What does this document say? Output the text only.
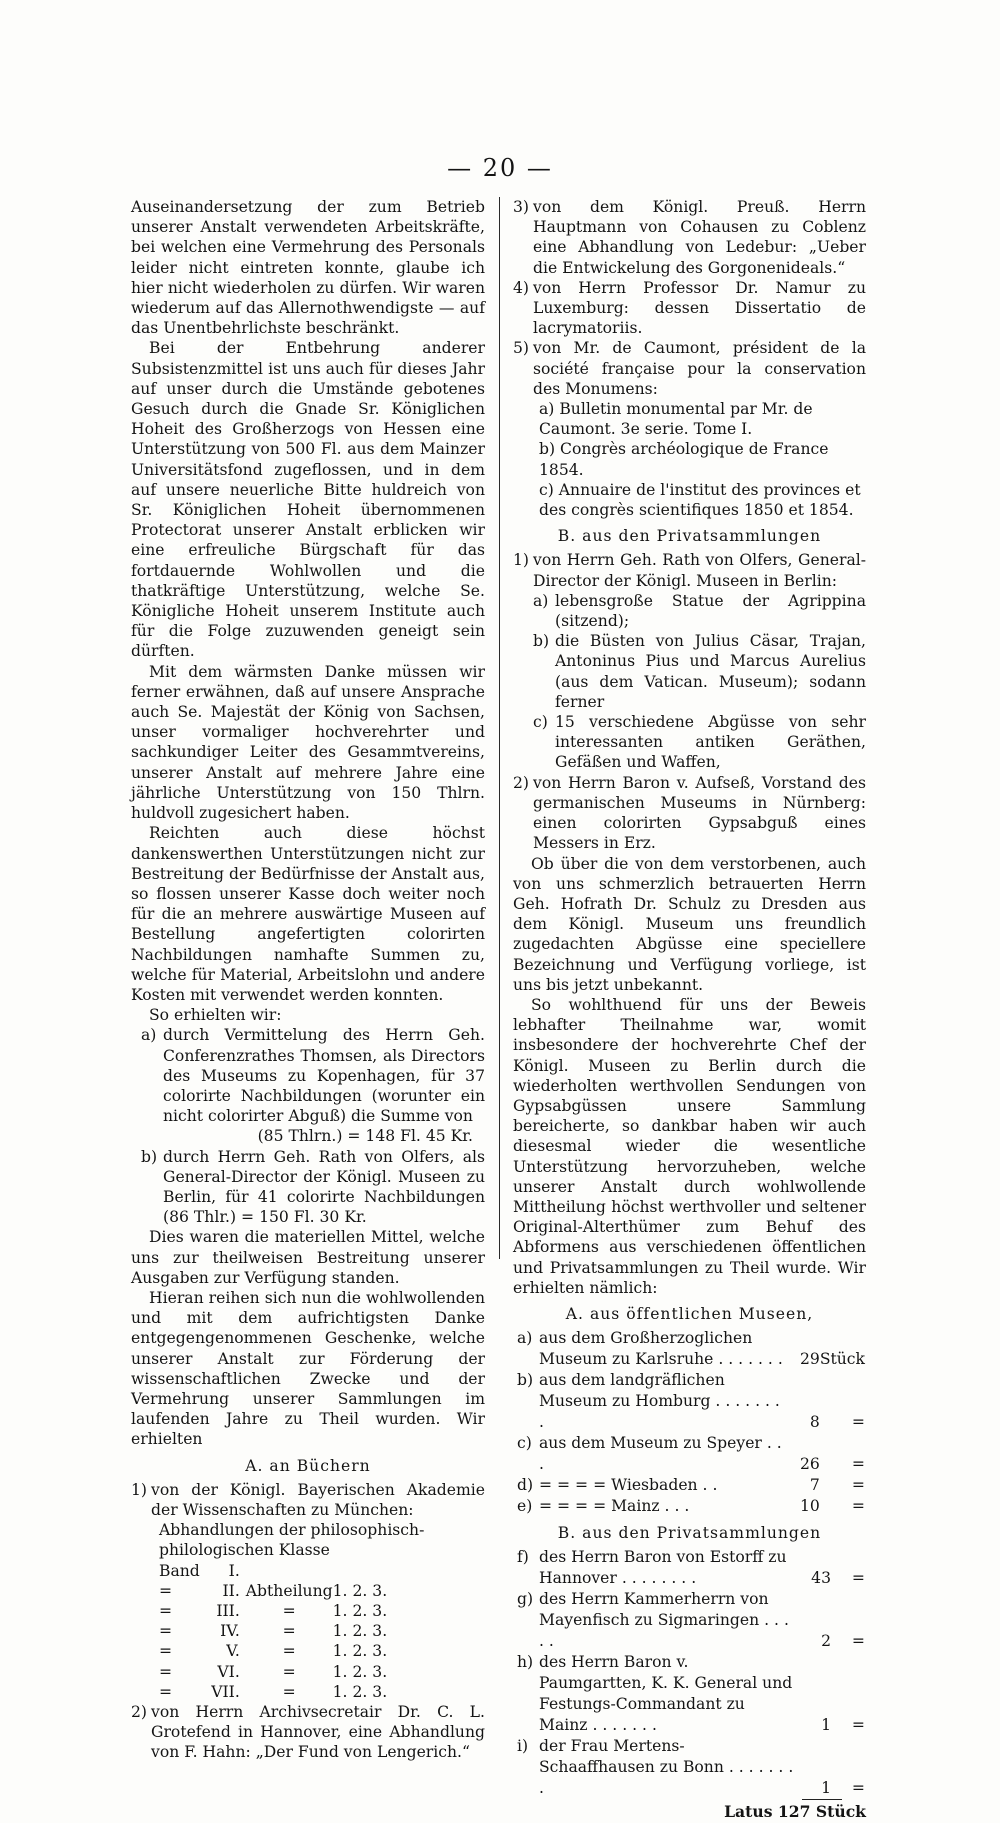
— 20 —
Auseinandersetzung der zum Betrieb unserer Anstalt verwendeten Arbeitskräfte, bei welchen eine Vermehrung des Personals leider nicht eintreten konnte, glaube ich hier nicht wiederholen zu dürfen. Wir waren wiederum auf das Allernothwendigste — auf das Unentbehrlichste beschränkt.
Bei der Entbehrung anderer Subsistenzmittel ist uns auch für dieses Jahr auf unser durch die Umstände gebotenes Gesuch durch die Gnade Sr. Königlichen Hoheit des Großherzogs von Hessen eine Unterstützung von 500 Fl. aus dem Mainzer Universitätsfond zugeflossen, und in dem auf unsere neuerliche Bitte huldreich von Sr. Königlichen Hoheit übernommenen Protectorat unserer Anstalt erblicken wir eine erfreuliche Bürgschaft für das fortdauernde Wohlwollen und die thatkräftige Unterstützung, welche Se. Königliche Hoheit unserem Institute auch für die Folge zuzuwenden geneigt sein dürften.
Mit dem wärmsten Danke müssen wir ferner erwähnen, daß auf unsere Ansprache auch Se. Majestät der König von Sachsen, unser vormaliger hochverehrter und sachkundiger Leiter des Gesammtvereins, unserer Anstalt auf mehrere Jahre eine jährliche Unterstützung von 150 Thlrn. huldvoll zugesichert haben.
Reichten auch diese höchst dankenswerthen Unterstützungen nicht zur Bestreitung der Bedürfnisse der Anstalt aus, so flossen unserer Kasse doch weiter noch für die an mehrere auswärtige Museen auf Bestellung angefertigten colorirten Nachbildungen namhafte Summen zu, welche für Material, Arbeitslohn und andere Kosten mit verwendet werden konnten.
So erhielten wir:
a) durch Vermittelung des Herrn Geh. Conferenzrathes Thomsen, als Directors des Museums zu Kopenhagen, für 37 colorirte Nachbildungen (worunter ein nicht colorirter Abguß) die Summe von
(85 Thlrn.) = 148 Fl. 45 Kr.
b) durch Herrn Geh. Rath von Olfers, als General-Director der Königl. Museen zu Berlin, für 41 colorirte Nachbildungen (86 Thlr.) = 150 Fl. 30 Kr.
Dies waren die materiellen Mittel, welche uns zur theilweisen Bestreitung unserer Ausgaben zur Verfügung standen.
Hieran reihen sich nun die wohlwollenden und mit dem aufrichtigsten Danke entgegengenommenen Geschenke, welche unserer Anstalt zur Förderung der wissenschaftlichen Zwecke und der Vermehrung unserer Sammlungen im laufenden Jahre zu Theil wurden. Wir erhielten
A. an Büchern
1) von der Königl. Bayerischen Akademie der Wissenschaften zu München:
Abhandlungen der philosophisch-philologischen Klasse
Band	I.		
=	II.	Abtheilung	1. 2. 3.
=	III.	=	1. 2. 3.
=	IV.	=	1. 2. 3.
=	V.	=	1. 2. 3.
=	VI.	=	1. 2. 3.
=	VII.	=	1. 2. 3.
2) von Herrn Archivsecretair Dr. C. L. Grotefend in Hannover, eine Abhandlung von F. Hahn: „Der Fund von Lengerich.“
3) von dem Königl. Preuß. Herrn Hauptmann von Cohausen zu Coblenz eine Abhandlung von Ledebur: „Ueber die Entwickelung des Gorgonenideals.“
4) von Herrn Professor Dr. Namur zu Luxemburg: dessen Dissertatio de lacrymatoriis.
5) von Mr. de Caumont, président de la société française pour la conservation des Monumens:
a) Bulletin monumental par Mr. de Caumont. 3e serie. Tome I.
b) Congrès archéologique de France 1854.
c) Annuaire de l'institut des provinces et des congrès scientifiques 1850 et 1854.
B. aus den Privatsammlungen
1) von Herrn Geh. Rath von Olfers, General-Director der Königl. Museen in Berlin:
a) lebensgroße Statue der Agrippina (sitzend);
b) die Büsten von Julius Cäsar, Trajan, Antoninus Pius und Marcus Aurelius (aus dem Vatican. Museum); sodann ferner
c) 15 verschiedene Abgüsse von sehr interessanten antiken Geräthen, Gefäßen und Waffen,
2) von Herrn Baron v. Aufseß, Vorstand des germanischen Museums in Nürnberg: einen colorirten Gypsabguß eines Messers in Erz.
Ob über die von dem verstorbenen, auch von uns schmerzlich betrauerten Herrn Geh. Hofrath Dr. Schulz zu Dresden aus dem Königl. Museum uns freundlich zugedachten Abgüsse eine speciellere Bezeichnung und Verfügung vorliege, ist uns bis jetzt unbekannt.
So wohlthuend für uns der Beweis lebhafter Theilnahme war, womit insbesondere der hochverehrte Chef der Königl. Museen zu Berlin durch die wiederholten werthvollen Sendungen von Gypsabgüssen unsere Sammlung bereicherte, so dankbar haben wir auch diesesmal wieder die wesentliche Unterstützung hervorzuheben, welche unserer Anstalt durch wohlwollende Mittheilung höchst werthvoller und seltener Original-Alterthümer zum Behuf des Abformens aus verschiedenen öffentlichen und Privatsammlungen zu Theil wurde. Wir erhielten nämlich:
A. aus öffentlichen Museen,
a)	aus dem Großherzoglichen Museum zu Karlsruhe . . . . . . .	29	Stück
b)	aus dem landgräflichen Museum zu Homburg . . . . . . . .	8	=
c)	aus dem Museum zu Speyer . . .	26	=
d)	= = = = Wiesbaden . .	7	=
e)	= = = = Mainz . . .	10	=
B. aus den Privatsammlungen
f)	des Herrn Baron von Estorff zu Hannover . . . . . . . .	43	=
g)	des Herrn Kammerherrn von Mayenfisch zu Sigmaringen . . . . .	2	=
h)	des Herrn Baron v. Paumgartten, K. K. General und Festungs-Commandant zu Mainz . . . . . . .	1	=
i)	der Frau Mertens-Schaaffhausen zu Bonn . . . . . . . .	1	=
Latus 127 Stück
